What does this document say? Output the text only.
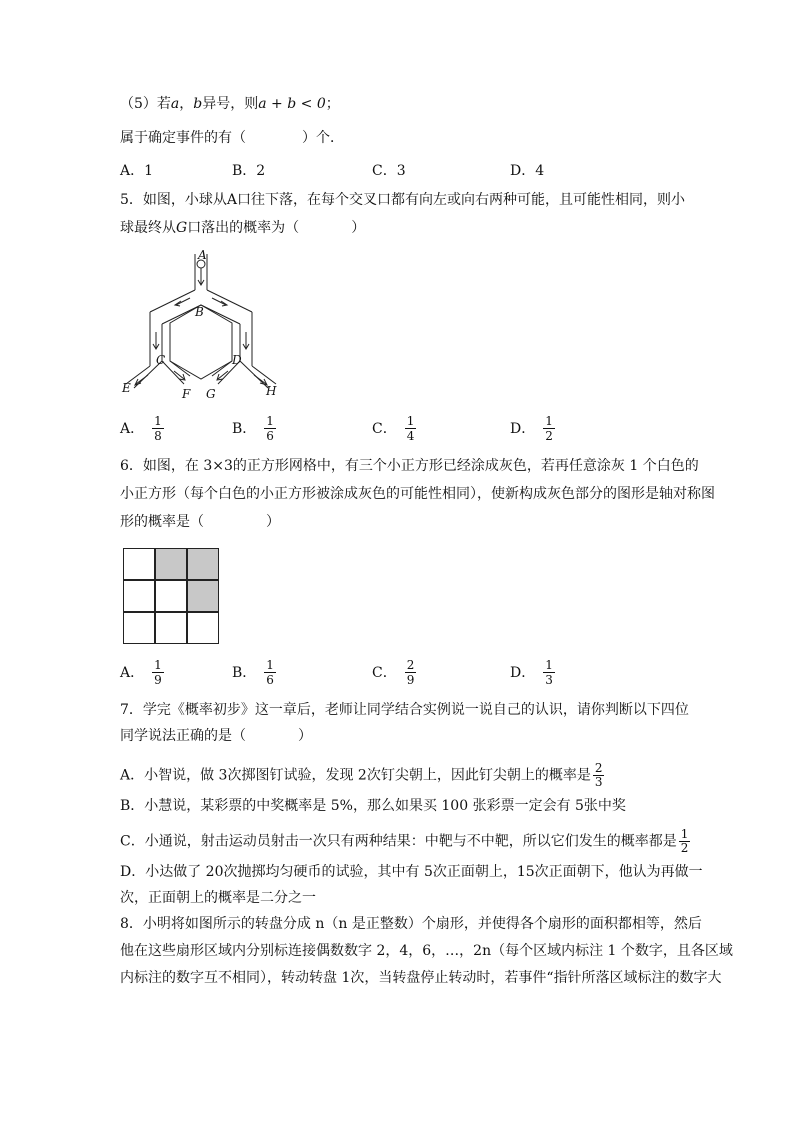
（5）若a，b异号，则a + b < 0；
属于确定事件的有（	）个．
A．1	B．2	C．3	D．4
5．如图，小球从A口往下落，在每个交叉口都有向左或向右两种可能，且可能性相同，则小
球最终从G口落出的概率为（	）
A
B
C	D
E	F G	H
A． $\frac{1}{8}$	B． $\frac{1}{6}$	C． $\frac{1}{4}$	D． $\frac{1}{2}$
6．如图，在 3×3的正方形网格中，有三个小正方形已经涂成灰色，若再任意涂灰 1 个白色的
小正方形（每个白色的小正方形被涂成灰色的可能性相同），使新构成灰色部分的图形是轴对称图
形的概率是（	）
A． $\frac{1}{9}$	B． $\frac{1}{6}$	C． $\frac{2}{9}$	D． $\frac{1}{3}$
7．学完《概率初步》这一章后，老师让同学结合实例说一说自己的认识，请你判断以下四位
同学说法正确的是（	）
A．小智说，做 3次掷图钉试验，发现 2次钉尖朝上，因此钉尖朝上的概率是 $\frac{2}{3}$
B．小慧说，某彩票的中奖概率是 5%，那么如果买 100 张彩票一定会有 5张中奖
C．小通说，射击运动员射击一次只有两种结果：中靶与不中靶，所以它们发生的概率都是 $\frac{1}{2}$
D．小达做了 20次抛掷均匀硬币的试验，其中有 5次正面朝上，15次正面朝下，他认为再做一
次，正面朝上的概率是二分之一
8．小明将如图所示的转盘分成 n（n 是正整数）个扇形，并使得各个扇形的面积都相等，然后
他在这些扇形区域内分别标连接偶数数字 2，4，6，…，2n（每个区域内标注 1 个数字，且各区域
内标注的数字互不相同），转动转盘 1次，当转盘停止转动时，若事件“指针所落区域标注的数字大
